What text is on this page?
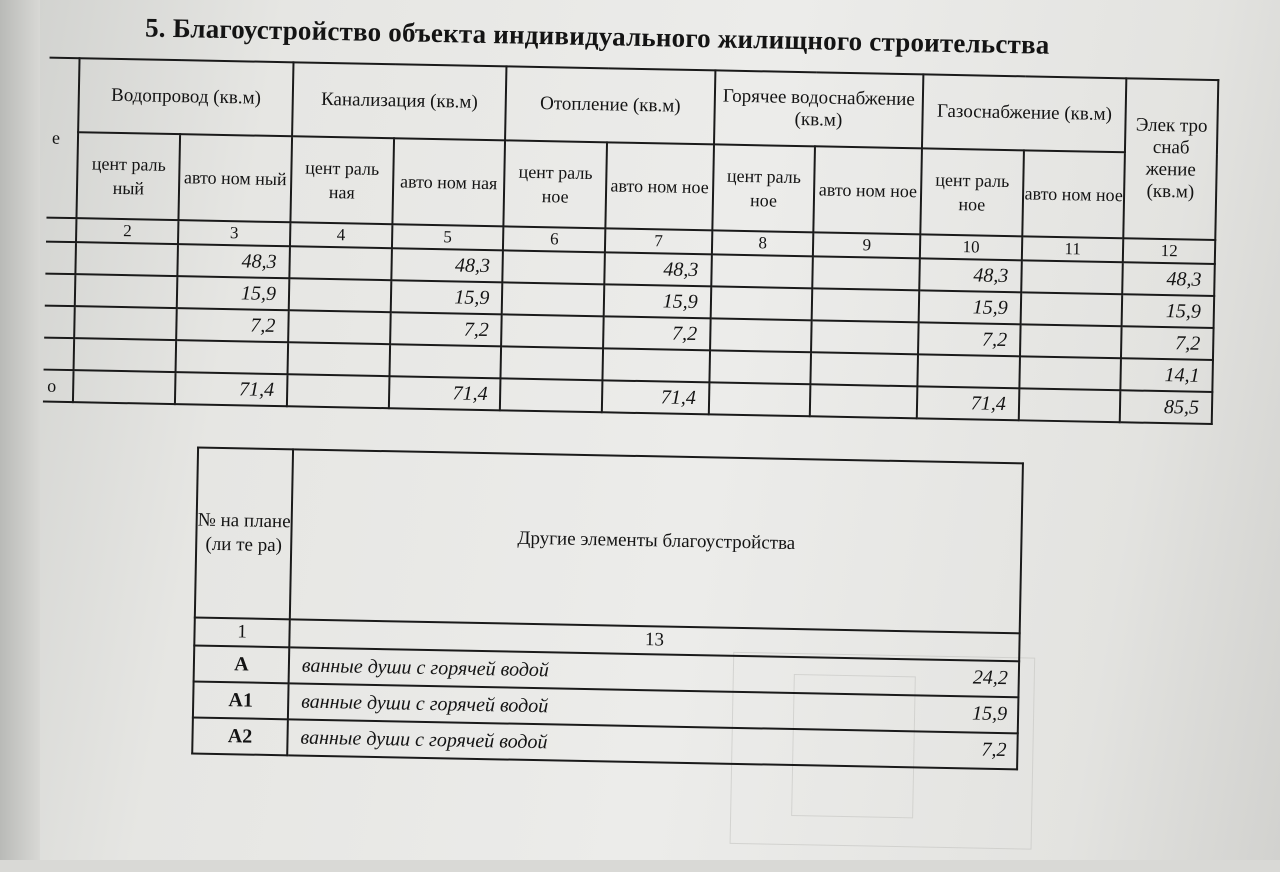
5. Благоустройство объекта индивидуального жилищного строительства
е	Водопровод (кв.м)		Канализация (кв.м)		Отопление (кв.м)		Горячее водоснабжение (кв.м)		Газоснабжение (кв.м)		Элек тро снаб жение (кв.м)
	цент раль ный	авто ном ный	цент раль ная	авто ном ная	цент раль ное	авто ном ное	цент раль ное	авто ном ное	цент раль ное	авто ном ное	
	2	3	4	5	6	7	8	9	10	11	12
		48,3		48,3		48,3			48,3		48,3
		15,9		15,9		15,9			15,9		15,9
		7,2		7,2		7,2			7,2		7,2
											14,1
о		71,4		71,4		71,4			71,4		85,5
№ на плане (ли те ра)	Другие элементы благоустройства
1	13
А	ванные души с горячей водой 24,2

А1	ванные души с горячей водой 15,9

А2	ванные души с горячей водой 7,2
